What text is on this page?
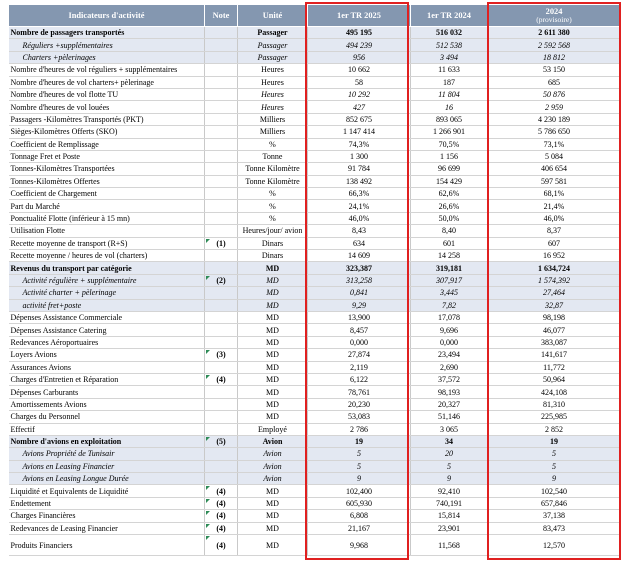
Indicateurs d'activité	Note	Unité	1er TR 2025	1er TR 2024	2024
(provisoire)

Nombre de passagers transportés		Passager	495 195	516 032	2 611 380
Réguliers +supplémentaires		Passager	494 239	512 538	2 592 568
Charters +pèlerinages		Passager	956	3 494	18 812
Nombre d'heures de vol réguliers + supplémentaires		Heures	10 662	11 633	53 150
Nombre d'heures de vol charters+ pèlerinage		Heures	58	187	685
Nombre d'heures de vol flotte TU		Heures	10 292	11 804	50 876
Nombre d'heures de vol louées		Heures	427	16	2 959
Passagers -Kilomètres Transportés (PKT)		Milliers	852 675	893 065	4 230 189
Sièges-Kilomètres Offerts (SKO)		Milliers	1 147 414	1 266 901	5 786 650
Coefficient de Remplissage		%	74,3%	70,5%	73,1%
Tonnage Fret et Poste		Tonne	1 300	1 156	5 084
Tonnes-Kilomètres Transportées		Tonne Kilomètre	91 784	96 699	406 654
Tonnes-Kilomètres Offertes		Tonne Kilomètre	138 492	154 429	597 581
Coefficient de Chargement		%	66,3%	62,6%	68,1%
Part du Marché		%	24,1%	26,6%	21,4%
Ponctualité Flotte (inférieur à 15 mn)		%	46,0%	50,0%	46,0%
Utilisation Flotte		Heures/jour/ avion	8,43	8,40	8,37
Recette moyenne de transport (R+S)	(1)	Dinars	634	601	607
Recette moyenne / heures de vol (charters)		Dinars	14 609	14 258	16 952
Revenus du transport par catégorie		MD	323,387	319,181	1 634,724
Activité régulière + supplémentaire	(2)	MD	313,258	307,917	1 574,392
Activité charter + pèlerinage		MD	0,841	3,445	27,464
activité fret+poste		MD	9,29	7,82	32,87
Dépenses Assistance Commerciale		MD	13,900	17,078	98,198
Dépenses Assistance Catering		MD	8,457	9,696	46,077
Redevances Aéroportuaires		MD	0,000	0,000	383,087
Loyers Avions	(3)	MD	27,874	23,494	141,617
Assurances Avions		MD	2,119	2,690	11,772
Charges d'Entretien et Réparation	(4)	MD	6,122	37,572	50,964
Dépenses Carburants		MD	78,761	98,193	424,108
Amortissements Avions		MD	20,230	20,327	81,310
Charges du Personnel		MD	53,083	51,146	225,985
Effectif		Employé	2 786	3 065	2 852
Nombre d'avions en exploitation	(5)	Avion	19	34	19
Avions Propriété de Tunisair		Avion	5	20	5
Avions en Leasing Financier		Avion	5	5	5
Avions en Leasing Longue Durée		Avion	9	9	9
Liquidité et Equivalents de Liquidité	(4)	MD	102,400	92,410	102,540
Endettement	(4)	MD	605,930	740,191	657,846
Charges Financières	(4)	MD	6,808	15,814	37,138
Redevances de Leasing Financier	(4)	MD	21,167	23,901	83,473
Produits Financiers	(4)	MD	9,968	11,568	12,570
